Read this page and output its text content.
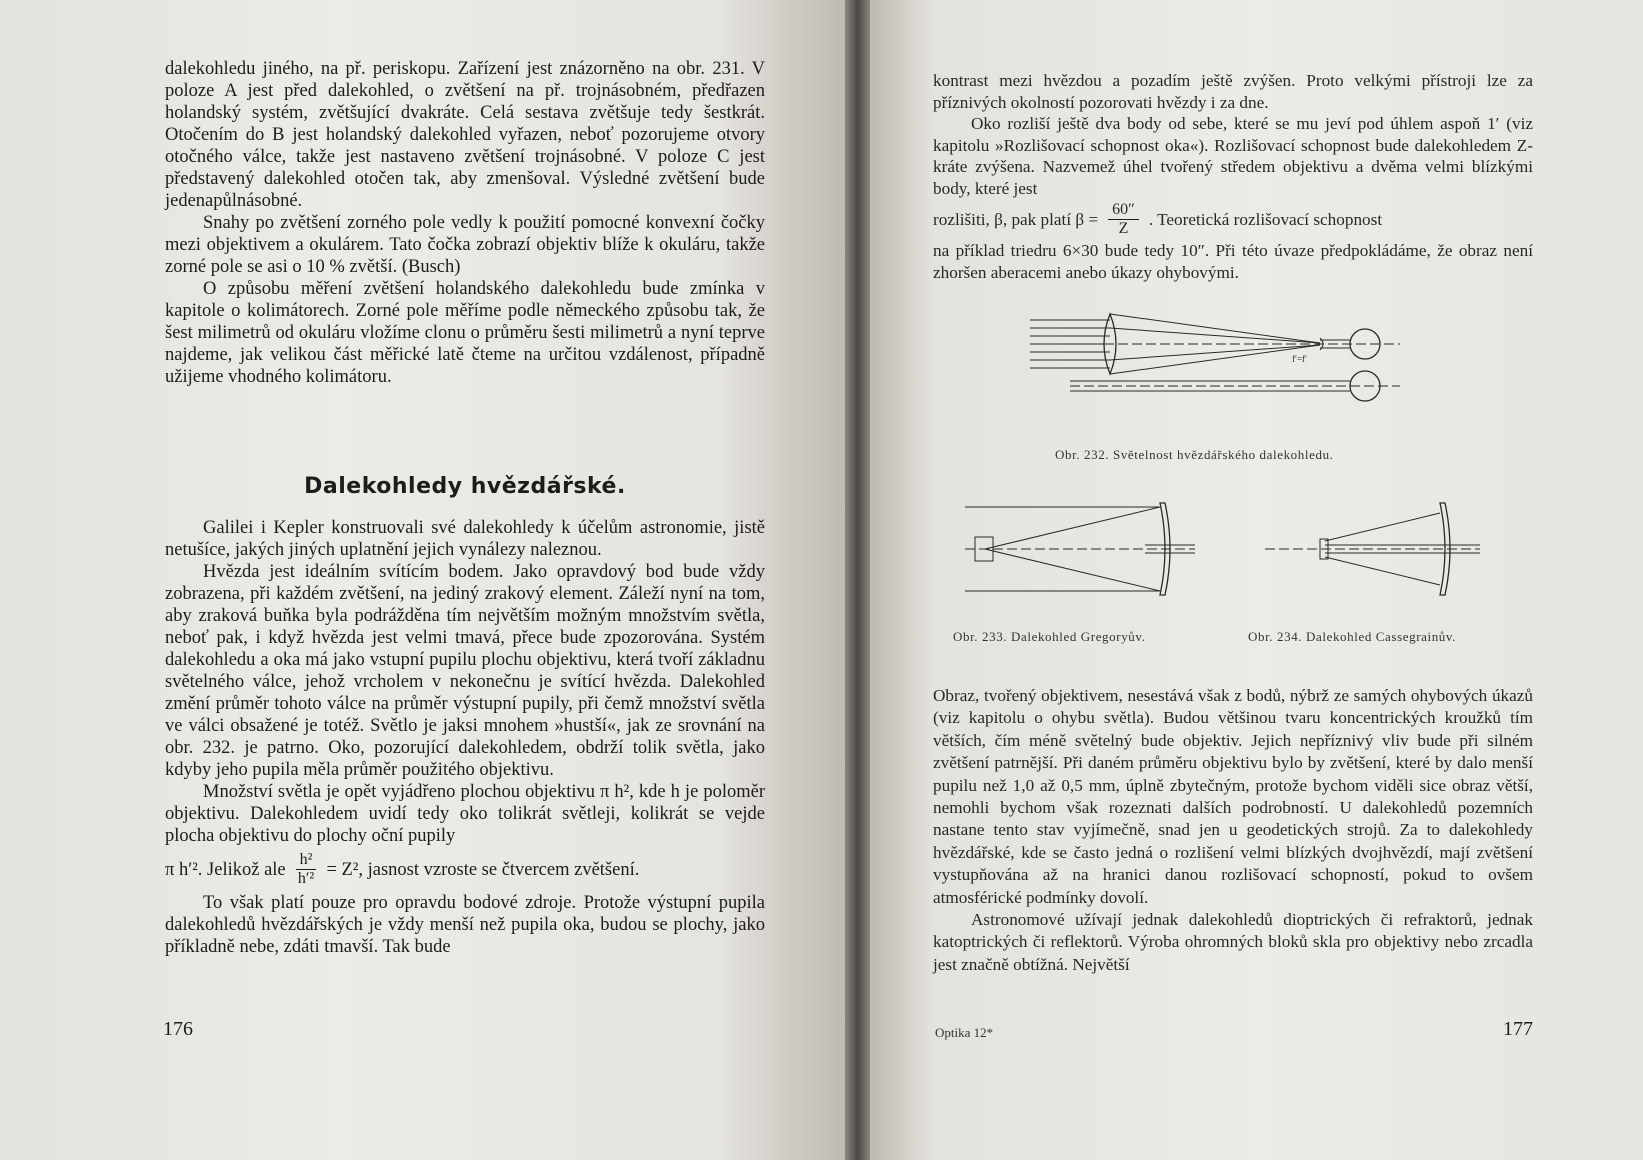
dalekohledu jiného, na př. periskopu. Zařízení jest znázorněno na obr. 231. V poloze A jest před dalekohled, o zvětšení na př. trojnásobném, předřazen holandský systém, zvětšující dvakráte. Celá sestava zvětšuje tedy šestkrát. Otočením do B jest holandský dalekohled vyřazen, neboť pozorujeme otvory otočného válce, takže jest nastaveno zvětšení trojnásobné. V poloze C jest představený dalekohled otočen tak, aby zmenšoval. Výsledné zvětšení bude jedenapůlnásobné.

Snahy po zvětšení zorného pole vedly k použití pomocné konvexní čočky mezi objektivem a okulárem. Tato čočka zobrazí objektiv blíže k okuláru, takže zorné pole se asi o 10 % zvětší. (Busch)

O způsobu měření zvětšení holandského dalekohledu bude zmínka v kapitole o kolimátorech. Zorné pole měříme podle německého způsobu tak, že šest milimetrů od okuláru vložíme clonu o průměru šesti milimetrů a nyní teprve najdeme, jak velikou část měřické latě čteme na určitou vzdálenost, případně užijeme vhodného kolimátoru.

Dalekohledy hvězdářské.

Galilei i Kepler konstruovali své dalekohledy k účelům astronomie, jistě netušíce, jakých jiných uplatnění jejich vynálezy naleznou.

Hvězda jest ideálním svítícím bodem. Jako opravdový bod bude vždy zobrazena, při každém zvětšení, na jediný zrakový element. Záleží nyní na tom, aby zraková buňka byla podrážděna tím největším možným množstvím světla, neboť pak, i když hvězda jest velmi tmavá, přece bude zpozorována. Systém dalekohledu a oka má jako vstupní pupilu plochu objektivu, která tvoří základnu světelného válce, jehož vrcholem v nekonečnu je svítící hvězda. Dalekohled změní průměr tohoto válce na průměr výstupní pupily, při čemž množství světla ve válci obsažené je totéž. Světlo je jaksi mnohem »hustší«, jak ze srovnání na obr. 232. je patrno. Oko, pozorující dalekohledem, obdrží tolik světla, jako kdyby jeho pupila měla průměr použitého objektivu.

Množství světla je opět vyjádřeno plochou objektivu π h², kde h je poloměr objektivu. Dalekohledem uvidí tedy oko tolikrát světleji, kolikrát se vejde plocha objektivu do plochy oční pupily

π h′². Jelikož ale $\frac{\text{h²}}{\text{h′²}} = Z^2$, jasnost vzroste se čtvercem zvětšení.

To však platí pouze pro opravdu bodové zdroje. Protože výstupní pupila dalekohledů hvězdářských je vždy menší než pupila oka, budou se plochy, jako příkladně nebe, zdáti tmavší. Tak bude

176

kontrast mezi hvězdou a pozadím ještě zvýšen. Proto velkými přístroji lze za příznivých okolností pozorovati hvězdy i za dne.

Oko rozliší ještě dva body od sebe, které se mu jeví pod úhlem aspoň 1′ (viz kapitolu »Rozlišovací schopnost oka«). Rozlišovací schopnost bude dalekohledem Z-kráte zvýšena. Nazvemež úhel tvořený středem objektivu a dvěma velmi blízkými body, které jest

rozlišiti, β, pak platí $\beta = \frac{60''}{Z}$ . Teoretická rozlišovací schopnost

na příklad triedru 6×30 bude tedy 10″. Při této úvaze předpokládáme, že obraz není zhoršen aberacemi anebo úkazy ohybovými.

f′=f′
Obr. 232. Světelnost hvězdářského dalekohledu.
Obr. 233. Dalekohled Gregoryův.	Obr. 234. Dalekohled Cassegrainův.

Obraz, tvořený objektivem, nesestává však z bodů, nýbrž ze samých ohybových úkazů (viz kapitolu o ohybu světla). Budou většinou tvaru koncentrických kroužků tím větších, čím méně světelný bude objektiv. Jejich nepříznivý vliv bude při silném zvětšení patrnější. Při daném průměru objektivu bylo by zvětšení, které by dalo menší pupilu než 1,0 až 0,5 mm, úplně zbytečným, protože bychom viděli sice obraz větší, nemohli bychom však rozeznati dalších podrobností. U dalekohledů pozemních nastane tento stav vyjímečně, snad jen u geodetických strojů. Za to dalekohledy hvězdářské, kde se často jedná o rozlišení velmi blízkých dvojhvězdí, mají zvětšení vystupňována až na hranici danou rozlišovací schopností, pokud to ovšem atmosférické podmínky dovolí.

Astronomové užívají jednak dalekohledů dioptrických či refraktorů, jednak katoptrických či reflektorů. Výroba ohromných bloků skla pro objektivy nebo zrcadla jest značně obtížná. Největší

Optika 12*	177
